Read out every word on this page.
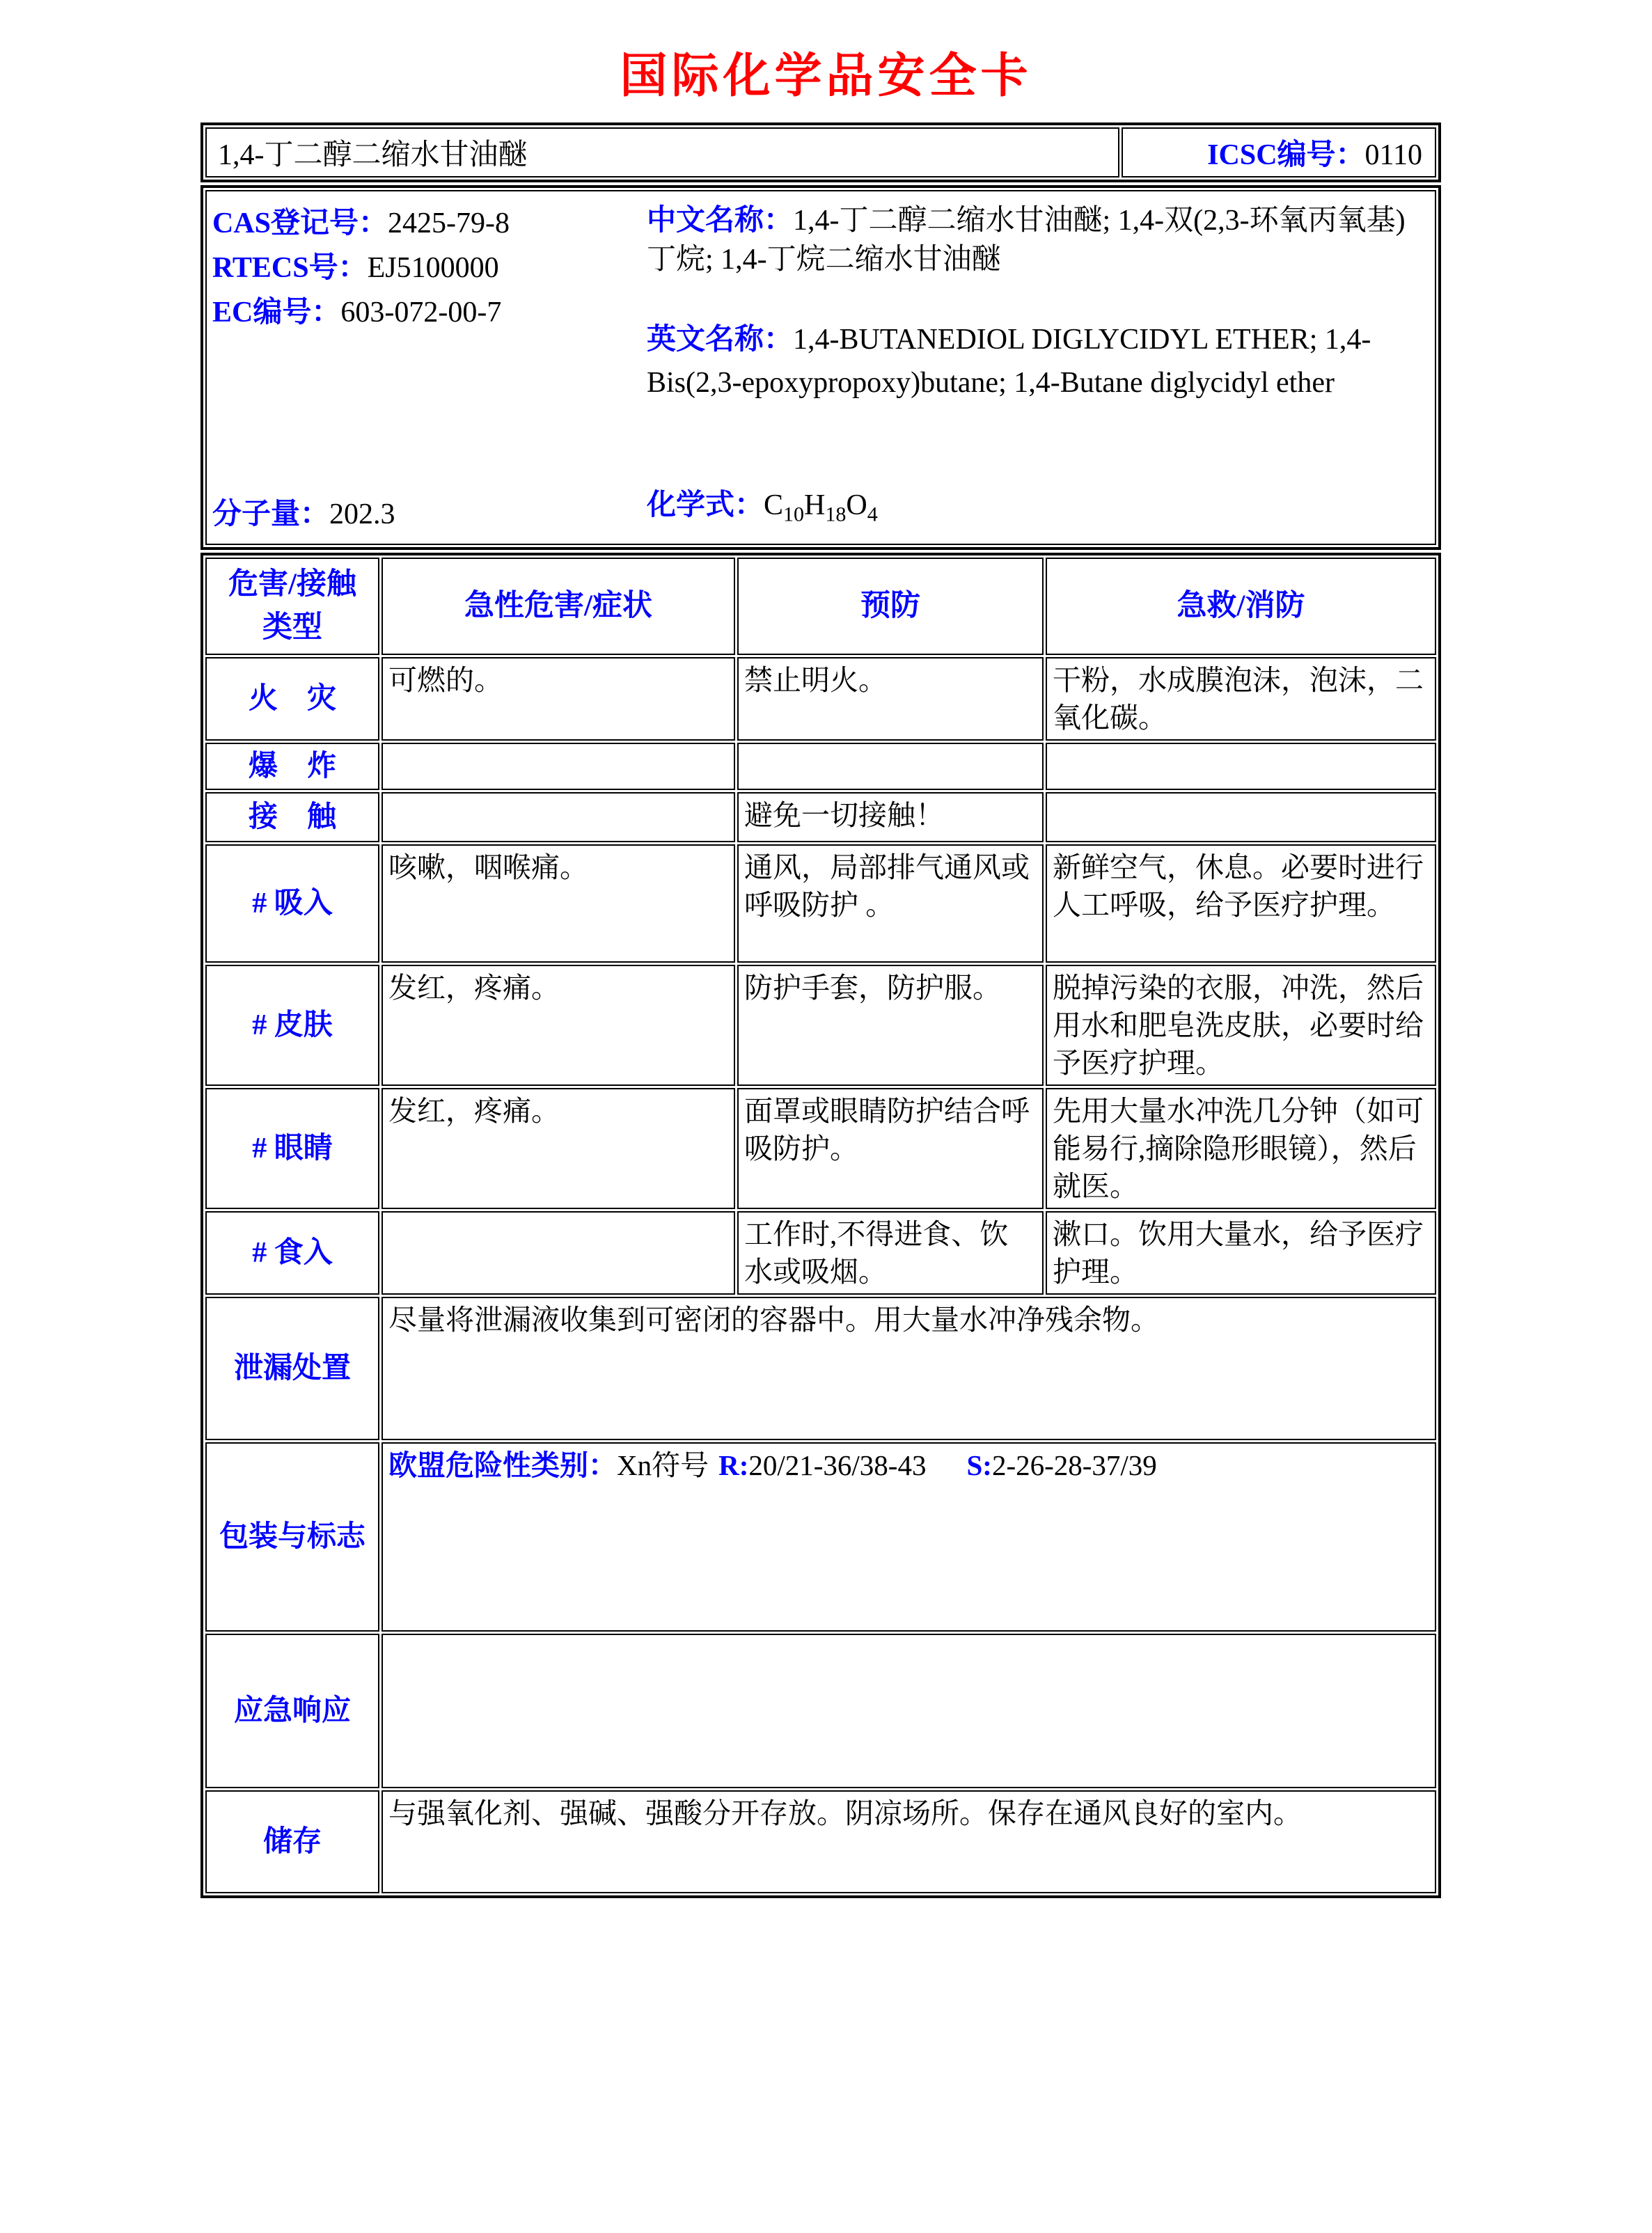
国际化学品安全卡
1,4-丁二醇二缩水甘油醚	ICSC编号：0110
CAS登记号：2425-79-8
RTECS号：EJ5100000
EC编号：603-072-00-7
分子量：202.3

中文名称：1,4-丁二醇二缩水甘油醚; 1,4-双(2,3-环氧丙氧基)丁烷; 1,4-丁烷二缩水甘油醚

英文名称：1,4-BUTANEDIOL DIGLYCIDYL ETHER; 1,4-Bis(2,3-epoxypropoxy)butane; 1,4-Butane diglycidyl ether

化学式：$C_{10}H_{18}O_4$
危害/接触类型	急性危害/症状	预防	急救/消防
火　灾	可燃的。	禁止明火。	干粉，水成膜泡沫，泡沫，二氧化碳。
爆　炸			
接　触		避免一切接触！	
# 吸入	咳嗽，咽喉痛。	通风，局部排气通风或呼吸防护 。	新鲜空气，休息。必要时进行人工呼吸，给予医疗护理。
# 皮肤	发红，疼痛。	防护手套，防护服。	脱掉污染的衣服，冲洗，然后用水和肥皂洗皮肤，必要时给予医疗护理。
# 眼睛	发红，疼痛。	面罩或眼睛防护结合呼吸防护。	先用大量水冲洗几分钟（如可能易行,摘除隐形眼镜），然后就医。
# 食入		工作时,不得进食、饮水或吸烟。	漱口。饮用大量水，给予医疗护理。
泄漏处置	尽量将泄漏液收集到可密闭的容器中。用大量水冲净残余物。		
包装与标志	欧盟危险性类别：Xn符号 R:20/21-36/38-43 S:2-26-28-37/39		
应急响应			
储存	与强氧化剂、强碱、强酸分开存放。阴凉场所。保存在通风良好的室内。		
